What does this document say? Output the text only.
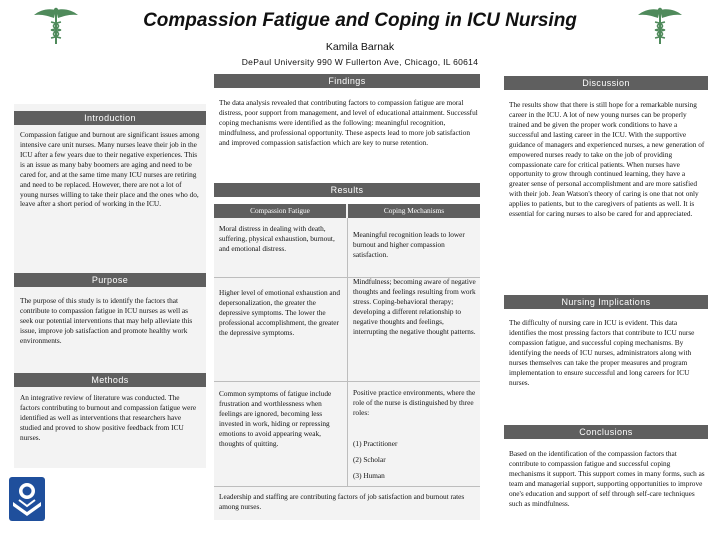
Compassion Fatigue and Coping in ICU Nursing
Kamila Barnak
DePaul University 990 W Fullerton Ave, Chicago, IL 60614
Introduction
Compassion fatigue and burnout are significant issues among intensive care unit nurses. Many nurses leave their job in the ICU after a few years due to their negative experiences. This is an issue as many baby boomers are aging and need to be cared for, and at the same time many ICU nurses are retiring and need to be replaced. However, there are not a lot of young nurses willing to take their place and the ones who do, leave after a short period of working in the ICU.
Purpose
The purpose of this study is to identify the factors that contribute to compassion fatigue in ICU nurses as well as seek our potential interventions that may help alleviate this issue, improve job satisfaction and promote healthy work environments.
Methods
An integrative review of literature was conducted. The factors contributing to burnout and compassion fatigue were identified as well as interventions that researchers have studied and proved to show positive feedback from ICU nurses.
Findings
The data analysis revealed that contributing factors to compassion fatigue are moral distress, poor support from management, and level of educational attainment. Successful coping mechanisms were identified as the following: meaningful recognition, mindfulness, and professional opportunity. These aspects lead to more job satisfaction and improved compassion satisfaction which are key to nurse retention.
Results
Compassion Fatigue	Coping Mechanisms
Moral distress in dealing with death, suffering, physical exhaustion, burnout, and emotional distress.
Meaningful recognition leads to lower burnout and higher compassion satisfaction.
Higher level of emotional exhaustion and depersonalization, the greater the depressive symptoms. The lower the professional accomplishment, the greater the depressive symptoms.
Mindfulness; becoming aware of negative thoughts and feelings resulting from work stress. Coping-behavioral therapy; developing a different relationship to negative thoughts and feelings, interrupting the negative thought patterns.
Common symptoms of fatigue include frustration and worthlessness when feelings are ignored, becoming less invested in work, hiding or repressing emotions to avoid appearing weak, thoughts of quitting.
Positive practice environments, where the role of the nurse is distinguished by three roles:
(1) Practitioner
(2) Scholar
(3) Human
Leadership and staffing are contributing factors of job satisfaction and burnout rates among nurses.
Discussion
The results show that there is still hope for a remarkable nursing career in the ICU. A lot of new young nurses can be properly trained and be given the proper work conditions to have a successful and lasting career in the ICU. With the supportive guidance of managers and experienced nurses, a new generation of empowered nurses ready to take on the job of providing compassionate care for critical patients. When nurses have opportunity to grow through continued learning, they have a greater sense of personal accomplishment and are more satisfied with their job. Jean Watson's theory of caring is one that not only applies to patients, but to the caregivers of patients as well. It is essential for caring nurses to also be cared for and appreciated.
Nursing Implications
The difficulty of nursing care in ICU is evident. This data identifies the most pressing factors that contribute to ICU nurse compassion fatigue, and successful coping mechanisms. By identifying the needs of ICU nurses, administrators along with nurses themselves can take the proper measures and program implementation to ensure successful and long careers for ICU nurses.
Conclusions
Based on the identification of the compassion factors that contribute to compassion fatigue and successful coping mechanisms it support. This support comes in many forms, such as team and managerial support, supporting opportunities to improve one's education and support of self through self-care techniques such as mindfulness.
